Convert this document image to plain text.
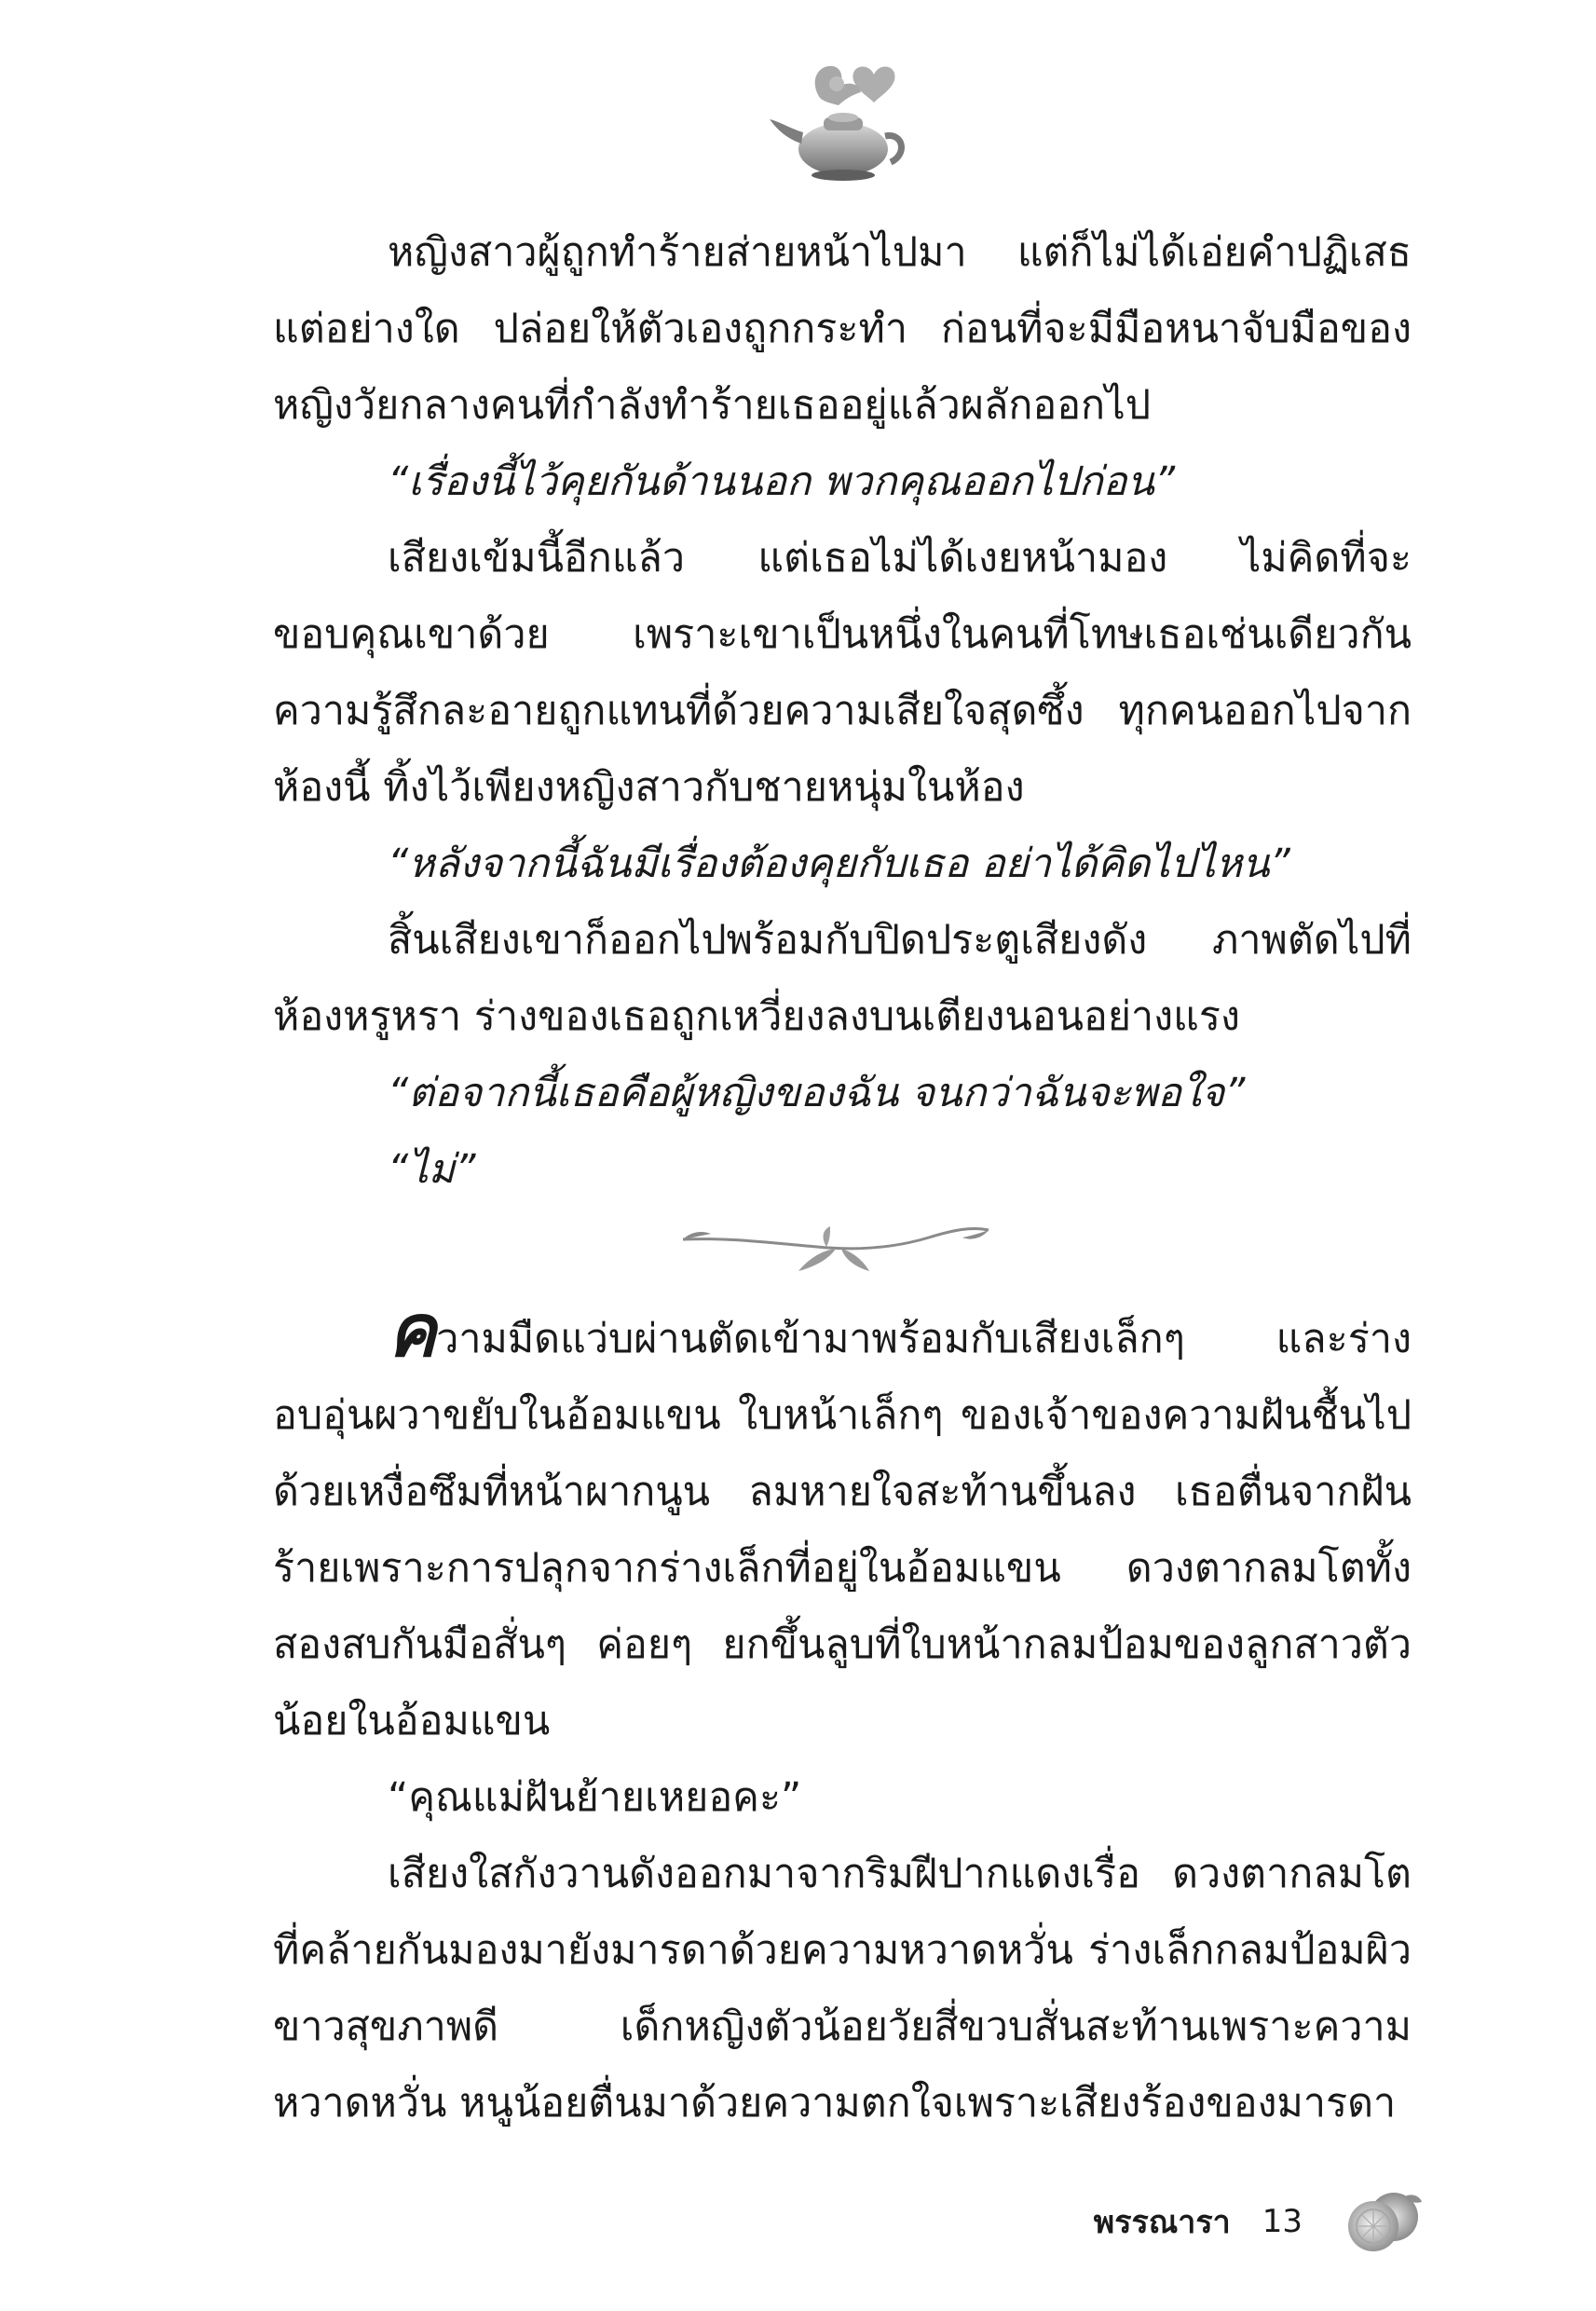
หญิงสาวผู้ถูกทำร้ายส่ายหน้าไปมา แต่ก็ไม่ได้เอ่ยคำปฏิเสธแต่อย่างใด ปล่อยให้ตัวเองถูกกระทำ ก่อนที่จะมีมือหนาจับมือของหญิงวัยกลางคนที่กำลังทำร้ายเธออยู่แล้วผลักออกไป

“เรื่องนี้ไว้คุยกันด้านนอก พวกคุณออกไปก่อน”

เสียงเข้มนี้อีกแล้ว แต่เธอไม่ได้เงยหน้ามอง ไม่คิดที่จะขอบคุณเขาด้วย เพราะเขาเป็นหนึ่งในคนที่โทษเธอเช่นเดียวกัน ความรู้สึกละอายถูกแทนที่ด้วยความเสียใจสุดซึ้ง ทุกคนออกไปจากห้องนี้ ทิ้งไว้เพียงหญิงสาวกับชายหนุ่มในห้อง

“หลังจากนี้ฉันมีเรื่องต้องคุยกับเธอ อย่าได้คิดไปไหน”

สิ้นเสียงเขาก็ออกไปพร้อมกับปิดประตูเสียงดัง ภาพตัดไปที่ห้องหรูหรา ร่างของเธอถูกเหวี่ยงลงบนเตียงนอนอย่างแรง

“ต่อจากนี้เธอคือผู้หญิงของฉัน จนกว่าฉันจะพอใจ”

“ไม่”

ความมืดแว่บผ่านตัดเข้ามาพร้อมกับเสียงเล็กๆ และร่างอบอุ่นผวาขยับในอ้อมแขน ใบหน้าเล็กๆ ของเจ้าของความฝันชื้นไปด้วยเหงื่อซึมที่หน้าผากนูน ลมหายใจสะท้านขึ้นลง เธอตื่นจากฝันร้ายเพราะการปลุกจากร่างเล็กที่อยู่ในอ้อมแขน ดวงตากลมโตทั้งสองสบกันมือสั่นๆ ค่อยๆ ยกขึ้นลูบที่ใบหน้ากลมป้อมของลูกสาวตัวน้อยในอ้อมแขน

“คุณแม่ฝันย้ายเหยอคะ”

เสียงใสกังวานดังออกมาจากริมฝีปากแดงเรื่อ ดวงตากลมโตที่คล้ายกันมองมายังมารดาด้วยความหวาดหวั่น ร่างเล็กกลมป้อมผิวขาวสุขภาพดี เด็กหญิงตัวน้อยวัยสี่ขวบสั่นสะท้านเพราะความหวาดหวั่น หนูน้อยตื่นมาด้วยความตกใจเพราะเสียงร้องของมารดา

พรรณารา 13
